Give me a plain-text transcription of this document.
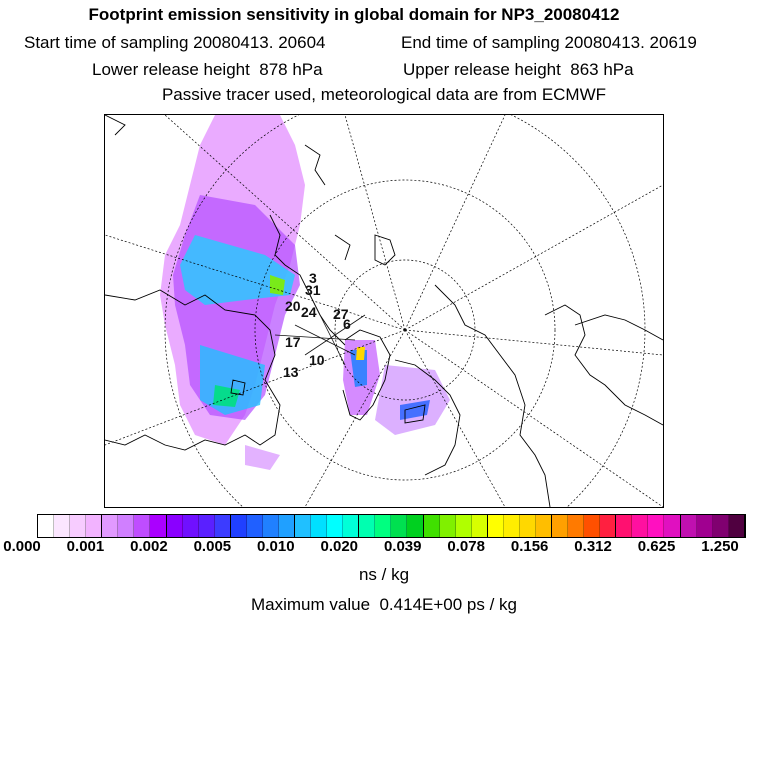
Footprint emission sensitivity in global domain for NP3_20080412
Start time of sampling 20080413. 20604	End time of sampling 20080413. 20619
Lower release height  878 hPa	Upper release height  863 hPa
Passive tracer used, meteorological data are from ECMWF
3
31
20 24 27
6
17
10
13
0.000 0.001 0.002 0.005 0.010 0.020 0.039 0.078 0.156 0.312 0.625 1.250
ns / kg
Maximum value  0.414E+00 ps / kg
